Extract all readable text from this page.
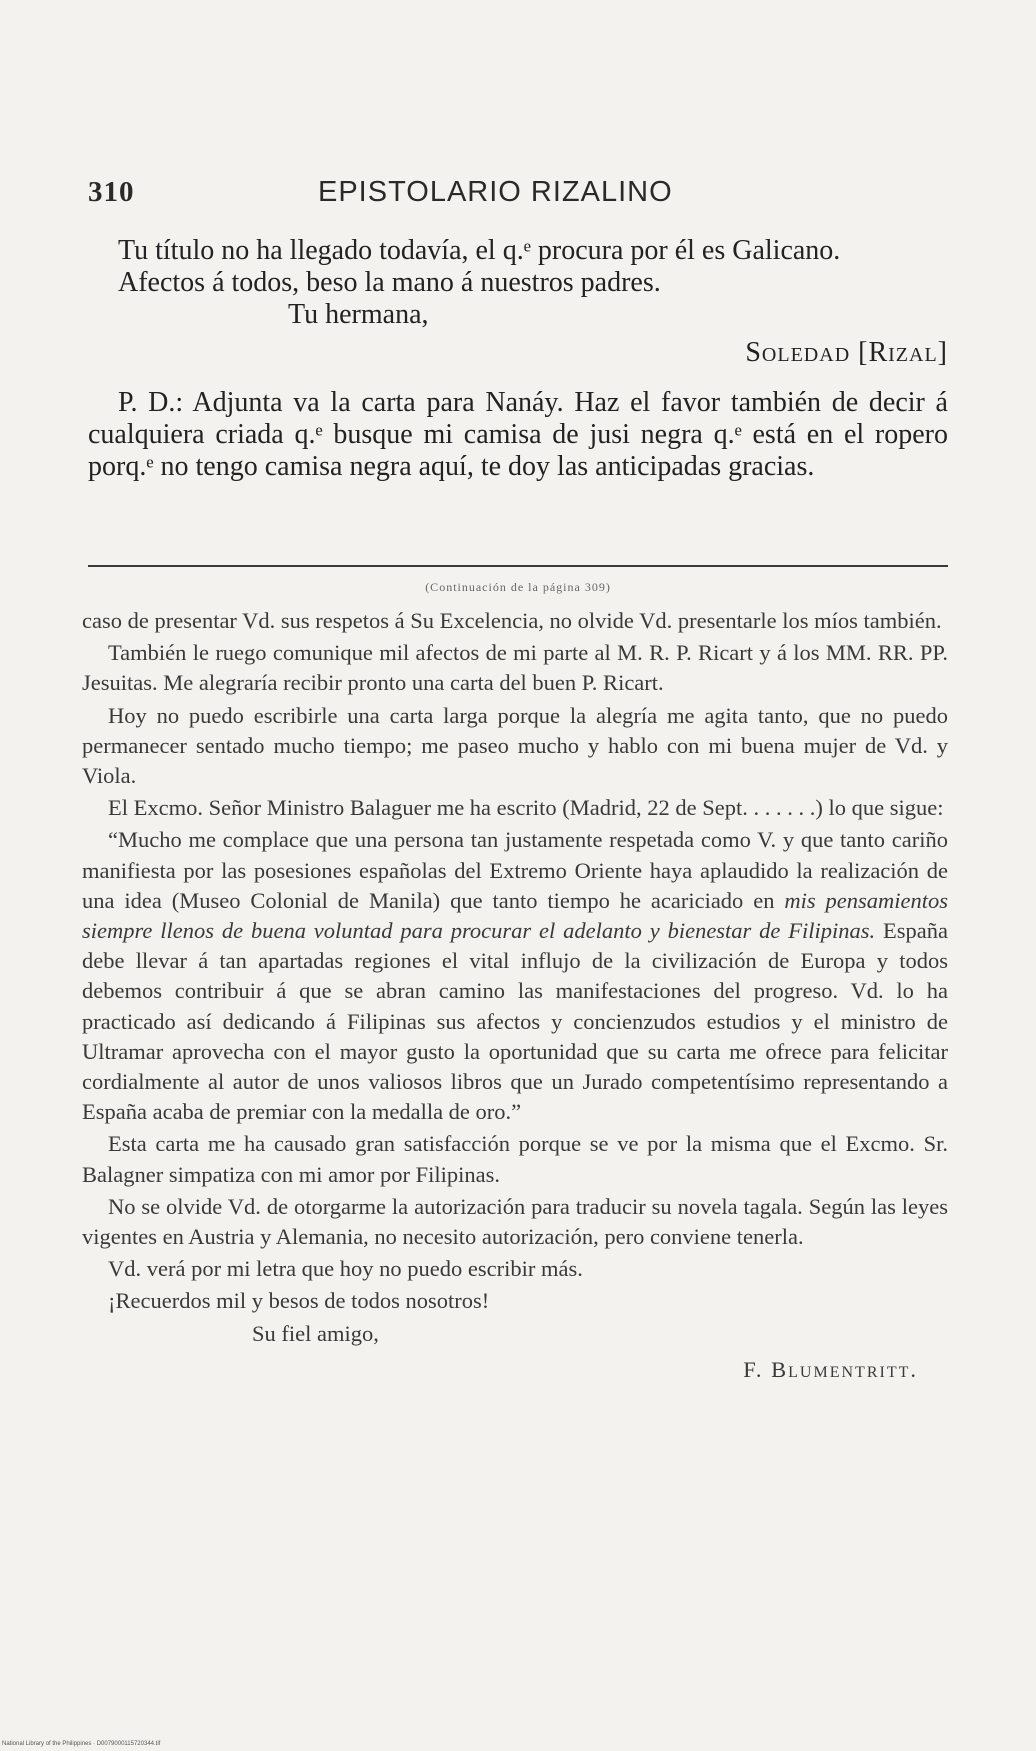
310	EPISTOLARIO RIZALINO

Tu título no ha llegado todavía, el q.ᵉ procura por él es Galicano.

Afectos á todos, beso la mano á nuestros padres.

Tu hermana,

Soledad [Rizal]

P. D.: Adjunta va la carta para Nanáy. Haz el favor también de decir á cualquiera criada q.ᵉ busque mi camisa de jusi negra q.ᵉ está en el ropero porq.ᵉ no tengo camisa negra aquí, te doy las anticipadas gracias.

(Continuación de la página 309)

caso de presentar Vd. sus respetos á Su Excelencia, no olvide Vd. presentarle los míos también.

También le ruego comunique mil afectos de mi parte al M. R. P. Ricart y á los MM. RR. PP. Jesuitas. Me alegraría recibir pronto una carta del buen P. Ricart.

Hoy no puedo escribirle una carta larga porque la alegría me agita tanto, que no puedo permanecer sentado mucho tiempo; me paseo mucho y hablo con mi buena mujer de Vd. y Viola.

El Excmo. Señor Ministro Balaguer me ha escrito (Madrid, 22 de Sept. . . . . . .) lo que sigue:

“Mucho me complace que una persona tan justamente respetada como V. y que tanto cariño manifiesta por las posesiones españolas del Extremo Oriente haya aplaudido la realización de una idea (Museo Colonial de Manila) que tanto tiempo he acariciado en mis pensamientos siempre llenos de buena voluntad para procurar el adelanto y bienestar de Filipinas. España debe llevar á tan apartadas regiones el vital influjo de la civilización de Europa y todos debemos contribuir á que se abran camino las manifestaciones del progreso. Vd. lo ha practicado así dedicando á Filipinas sus afectos y concienzudos estudios y el ministro de Ultramar aprovecha con el mayor gusto la oportunidad que su carta me ofrece para felicitar cordialmente al autor de unos valiosos libros que un Jurado competentísimo representando a España acaba de premiar con la medalla de oro.”

Esta carta me ha causado gran satisfacción porque se ve por la misma que el Excmo. Sr. Balagner simpatiza con mi amor por Filipinas.

No se olvide Vd. de otorgarme la autorización para traducir su novela tagala. Según las leyes vigentes en Austria y Alemania, no necesito autorización, pero conviene tenerla.

Vd. verá por mi letra que hoy no puedo escribir más.

¡Recuerdos mil y besos de todos nosotros!

Su fiel amigo,

F. Blumentritt.

National Library of the Philippines · D0079000115720344.tif
